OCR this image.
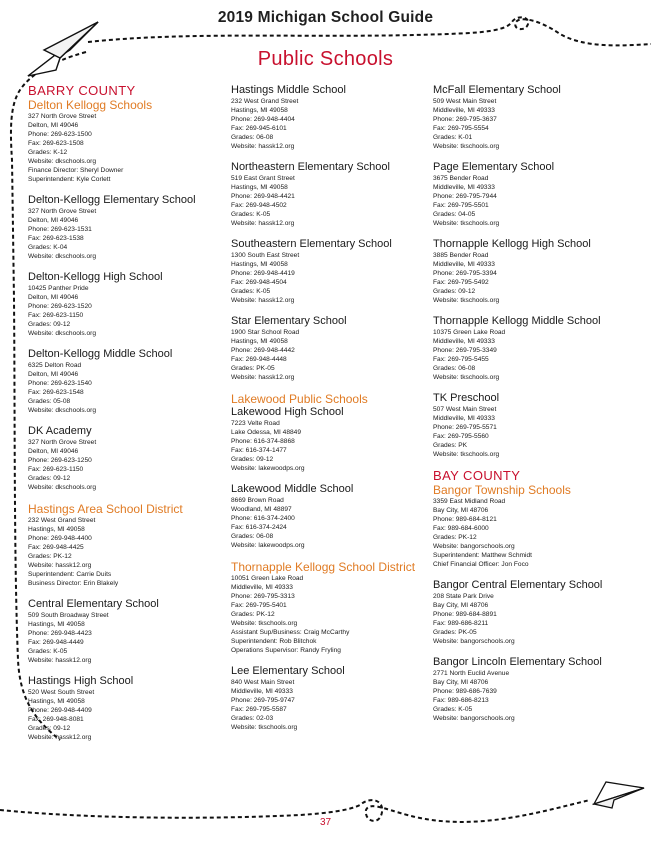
2019 Michigan School Guide
Public Schools
BARRY COUNTY
Delton Kellogg Schools
327 North Grove Street
Delton, MI 49046
Phone: 269-623-1500
Fax: 269-623-1508
Grades: K-12
Website: dkschools.org
Finance Director: Sheryl Downer
Superintendent: Kyle Corlett
Delton-Kellogg Elementary School
327 North Grove Street
Delton, MI 49046
Phone: 269-623-1531
Fax: 269-623-1538
Grades: K-04
Website: dkschools.org
Delton-Kellogg High School
10425 Panther Pride
Delton, MI 49046
Phone: 269-623-1520
Fax: 269-623-1150
Grades: 09-12
Website: dkschools.org
Delton-Kellogg Middle School
6325 Delton Road
Delton, MI 49046
Phone: 269-623-1540
Fax: 269-623-1548
Grades: 05-08
Website: dkschools.org
DK Academy
327 North Grove Street
Delton, MI 49046
Phone: 269-623-1250
Fax: 269-623-1150
Grades: 09-12
Website: dkschools.org
Hastings Area School District
232 West Grand Street
Hastings, MI 49058
Phone: 269-948-4400
Fax: 269-948-4425
Grades: PK-12
Website: hassk12.org
Superintendent: Carrie Duits
Business Director: Erin Blakely
Central Elementary School
509 South Broadway Street
Hastings, MI 49058
Phone: 269-948-4423
Fax: 269-948-4449
Grades: K-05
Website: hassk12.org
Hastings High School
520 West South Street
Hastings, MI 49058
Phone: 269-948-4409
Fax: 269-948-8081
Grades: 09-12
Website: hassk12.org
Hastings Middle School
232 West Grand Street
Hastings, MI 49058
Phone: 269-948-4404
Fax: 269-945-6101
Grades: 06-08
Website: hassk12.org
Northeastern Elementary School
519 East Grant Street
Hastings, MI 49058
Phone: 269-948-4421
Fax: 269-948-4502
Grades: K-05
Website: hassk12.org
Southeastern Elementary School
1300 South East Street
Hastings, MI 49058
Phone: 269-948-4419
Fax: 269-948-4504
Grades: K-05
Website: hassk12.org
Star Elementary School
1900 Star School Road
Hastings, MI 49058
Phone: 269-948-4442
Fax: 269-948-4448
Grades: PK-05
Website: hassk12.org
Lakewood Public Schools
Lakewood High School
7223 Velte Road
Lake Odessa, MI 48849
Phone: 616-374-8868
Fax: 616-374-1477
Grades: 09-12
Website: lakewoodps.org
Lakewood Middle School
8669 Brown Road
Woodland, MI 48897
Phone: 616-374-2400
Fax: 616-374-2424
Grades: 06-08
Website: lakewoodps.org
Thornapple Kellogg School District
10051 Green Lake Road
Middleville, MI 49333
Phone: 269-795-3313
Fax: 269-795-5401
Grades: PK-12
Website: tkschools.org
Assistant Sup/Business: Craig McCarthy
Superintendent: Rob Blitchok
Operations Supervisor: Randy Fryling
Lee Elementary School
840 West Main Street
Middleville, MI 49333
Phone: 269-795-9747
Fax: 269-795-5587
Grades: 02-03
Website: tkschools.org
McFall Elementary School
509 West Main Street
Middleville, MI 49333
Phone: 269-795-3637
Fax: 269-795-5554
Grades: K-01
Website: tkschools.org
Page Elementary School
3675 Bender Road
Middleville, MI 49333
Phone: 269-795-7944
Fax: 269-795-5501
Grades: 04-05
Website: tkschools.org
Thornapple Kellogg High School
3885 Bender Road
Middleville, MI 49333
Phone: 269-795-3394
Fax: 269-795-5492
Grades: 09-12
Website: tkschools.org
Thornapple Kellogg Middle School
10375 Green Lake Road
Middleville, MI 49333
Phone: 269-795-3349
Fax: 269-795-5455
Grades: 06-08
Website: tkschools.org
TK Preschool
507 West Main Street
Middleville, MI 49333
Phone: 269-795-5571
Fax: 269-795-5560
Grades: PK
Website: tkschools.org
BAY COUNTY
Bangor Township Schools
3359 East Midland Road
Bay City, MI 48706
Phone: 989-684-8121
Fax: 989-684-6000
Grades: PK-12
Website: bangorschools.org
Superintendent: Matthew Schmidt
Chief Financial Officer: Jon Foco
Bangor Central Elementary School
208 State Park Drive
Bay City, MI 48706
Phone: 989-684-8891
Fax: 989-686-8211
Grades: PK-05
Website: bangorschools.org
Bangor Lincoln Elementary School
2771 North Euclid Avenue
Bay City, MI 48706
Phone: 989-686-7639
Fax: 989-686-8213
Grades: K-05
Website: bangorschools.org
37
